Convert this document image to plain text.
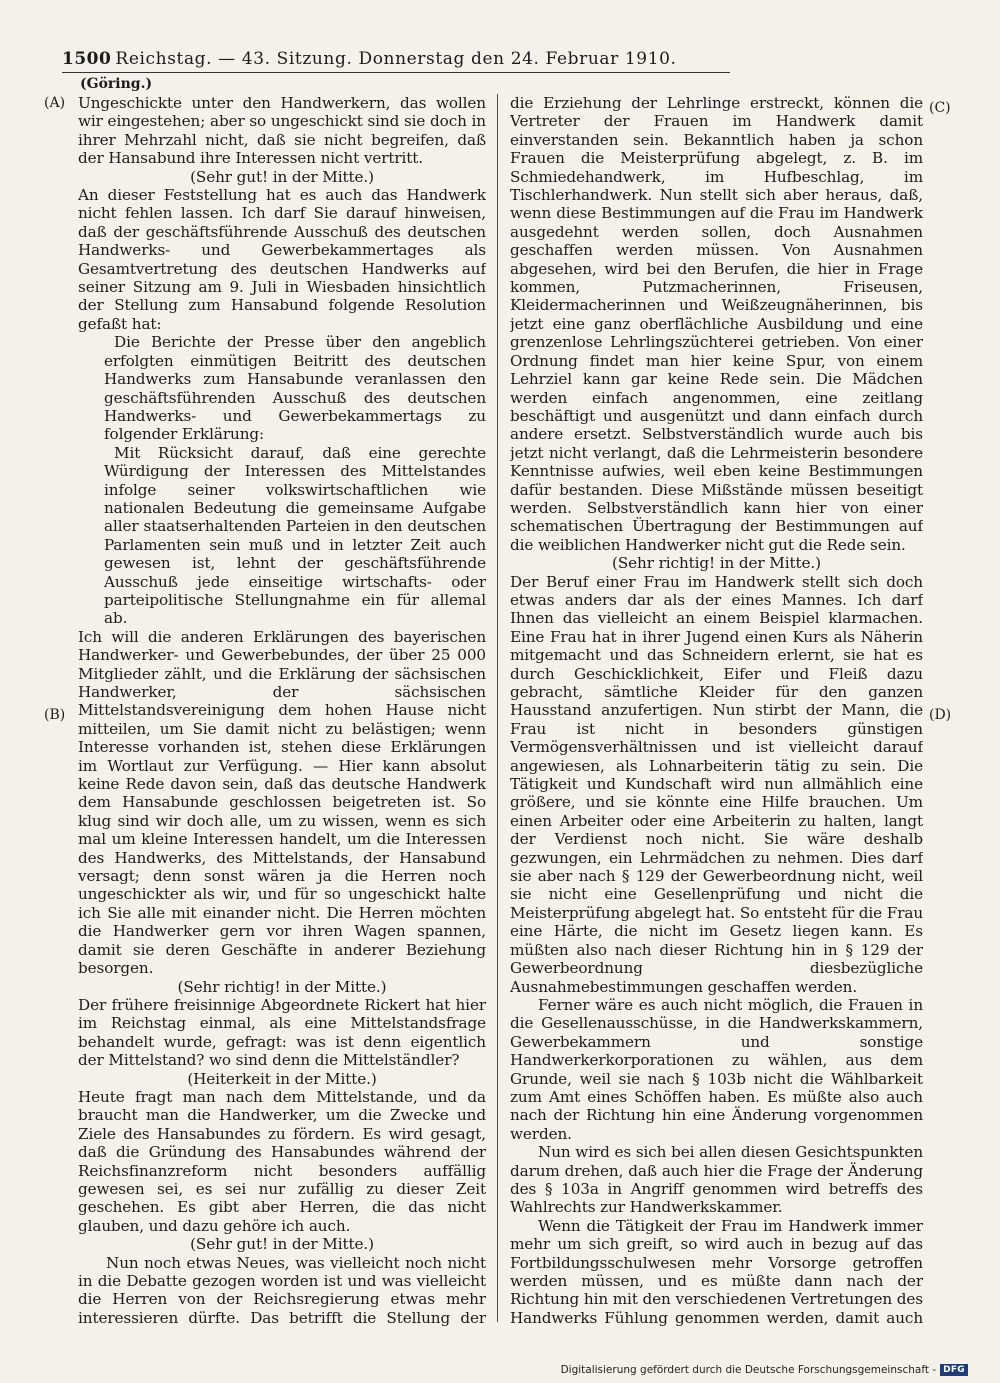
1500 Reichstag. — 43. Sitzung. Donnerstag den 24. Februar 1910.
(Göring.)
(A)
(B)
(C)
(D)

Ungeschickte unter den Handwerkern, das wollen wir eingestehen; aber so ungeschickt sind sie doch in ihrer Mehrzahl nicht, daß sie nicht begreifen, daß der Hansabund ihre Interessen nicht vertritt.

(Sehr gut! in der Mitte.)

An dieser Feststellung hat es auch das Handwerk nicht fehlen lassen. Ich darf Sie darauf hinweisen, daß der geschäftsführende Ausschuß des deutschen Handwerks- und Gewerbekammertages als Gesamtvertretung des deutschen Handwerks auf seiner Sitzung am 9. Juli in Wiesbaden hinsichtlich der Stellung zum Hansabund folgende Resolution gefaßt hat:

Die Berichte der Presse über den angeblich erfolgten einmütigen Beitritt des deutschen Handwerks zum Hansabunde veranlassen den geschäftsführenden Ausschuß des deutschen Handwerks- und Gewerbekammertags zu folgender Erklärung:

Mit Rücksicht darauf, daß eine gerechte Würdigung der Interessen des Mittelstandes infolge seiner volkswirtschaftlichen wie nationalen Bedeutung die gemeinsame Aufgabe aller staatserhaltenden Parteien in den deutschen Parlamenten sein muß und in letzter Zeit auch gewesen ist, lehnt der geschäftsführende Ausschuß jede einseitige wirtschafts- oder parteipolitische Stellungnahme ein für allemal ab.

Ich will die anderen Erklärungen des bayerischen Handwerker- und Gewerbebundes, der über 25 000 Mitglieder zählt, und die Erklärung der sächsischen Handwerker, der sächsischen Mittelstandsvereinigung dem hohen Hause nicht mitteilen, um Sie damit nicht zu belästigen; wenn Interesse vorhanden ist, stehen diese Erklärungen im Wortlaut zur Verfügung. — Hier kann absolut keine Rede davon sein, daß das deutsche Handwerk dem Hansabunde geschlossen beigetreten ist. So klug sind wir doch alle, um zu wissen, wenn es sich mal um kleine Interessen handelt, um die Interessen des Handwerks, des Mittelstands, der Hansabund versagt; denn sonst wären ja die Herren noch ungeschickter als wir, und für so ungeschickt halte ich Sie alle mit einander nicht. Die Herren möchten die Handwerker gern vor ihren Wagen spannen, damit sie deren Geschäfte in anderer Beziehung besorgen.

(Sehr richtig! in der Mitte.)

Der frühere freisinnige Abgeordnete Rickert hat hier im Reichstag einmal, als eine Mittelstandsfrage behandelt wurde, gefragt: was ist denn eigentlich der Mittelstand? wo sind denn die Mittelständler?

(Heiterkeit in der Mitte.)

Heute fragt man nach dem Mittelstande, und da braucht man die Handwerker, um die Zwecke und Ziele des Hansabundes zu fördern. Es wird gesagt, daß die Gründung des Hansabundes während der Reichsfinanzreform nicht besonders auffällig gewesen sei, es sei nur zufällig zu dieser Zeit geschehen. Es gibt aber Herren, die das nicht glauben, und dazu gehöre ich auch.

(Sehr gut! in der Mitte.)

Nun noch etwas Neues, was vielleicht noch nicht in die Debatte gezogen worden ist und was vielleicht die Herren von der Reichsregierung etwas mehr interessieren dürfte. Das betrifft die Stellung der

die Erziehung der Lehrlinge erstreckt, können die Vertreter der Frauen im Handwerk damit einverstanden sein. Bekanntlich haben ja schon Frauen die Meisterprüfung abgelegt, z. B. im Schmiedehandwerk, im Hufbeschlag, im Tischlerhandwerk. Nun stellt sich aber heraus, daß, wenn diese Bestimmungen auf die Frau im Handwerk ausgedehnt werden sollen, doch Ausnahmen geschaffen werden müssen. Von Ausnahmen abgesehen, wird bei den Berufen, die hier in Frage kommen, Putzmacherinnen, Friseusen, Kleidermacherinnen und Weißzeugnäherinnen, bis jetzt eine ganz oberflächliche Ausbildung und eine grenzenlose Lehrlingszüchterei getrieben. Von einer Ordnung findet man hier keine Spur, von einem Lehrziel kann gar keine Rede sein. Die Mädchen werden einfach angenommen, eine zeitlang beschäftigt und ausgenützt und dann einfach durch andere ersetzt. Selbstverständlich wurde auch bis jetzt nicht verlangt, daß die Lehrmeisterin besondere Kenntnisse aufwies, weil eben keine Bestimmungen dafür bestanden. Diese Mißstände müssen beseitigt werden. Selbstverständlich kann hier von einer schematischen Übertragung der Bestimmungen auf die weiblichen Handwerker nicht gut die Rede sein.

(Sehr richtig! in der Mitte.)

Der Beruf einer Frau im Handwerk stellt sich doch etwas anders dar als der eines Mannes. Ich darf Ihnen das vielleicht an einem Beispiel klarmachen. Eine Frau hat in ihrer Jugend einen Kurs als Näherin mitgemacht und das Schneidern erlernt, sie hat es durch Geschicklichkeit, Eifer und Fleiß dazu gebracht, sämtliche Kleider für den ganzen Hausstand anzufertigen. Nun stirbt der Mann, die Frau ist nicht in besonders günstigen Vermögensverhältnissen und ist vielleicht darauf angewiesen, als Lohnarbeiterin tätig zu sein. Die Tätigkeit und Kundschaft wird nun allmählich eine größere, und sie könnte eine Hilfe brauchen. Um einen Arbeiter oder eine Arbeiterin zu halten, langt der Verdienst noch nicht. Sie wäre deshalb gezwungen, ein Lehrmädchen zu nehmen. Dies darf sie aber nach § 129 der Gewerbeordnung nicht, weil sie nicht eine Gesellenprüfung und nicht die Meisterprüfung abgelegt hat. So entsteht für die Frau eine Härte, die nicht im Gesetz liegen kann. Es müßten also nach dieser Richtung hin in § 129 der Gewerbeordnung diesbezügliche Ausnahmebestimmungen geschaffen werden.

Ferner wäre es auch nicht möglich, die Frauen in die Gesellenausschüsse, in die Handwerkskammern, Gewerbekammern und sonstige Handwerkerkorporationen zu wählen, aus dem Grunde, weil sie nach § 103b nicht die Wählbarkeit zum Amt eines Schöffen haben. Es müßte also auch nach der Richtung hin eine Änderung vorgenommen werden.

Nun wird es sich bei allen diesen Gesichtspunkten darum drehen, daß auch hier die Frage der Änderung des § 103a in Angriff genommen wird betreffs des Wahlrechts zur Handwerkskammer.

Wenn die Tätigkeit der Frau im Handwerk immer mehr um sich greift, so wird auch in bezug auf das Fortbildungsschulwesen mehr Vorsorge getroffen werden müssen, und es müßte dann nach der Richtung hin mit den verschiedenen Vertretungen des Handwerks Fühlung genommen werden, damit auch

Digitalisierung gefördert durch die Deutsche Forschungsgemeinschaft - DFG
